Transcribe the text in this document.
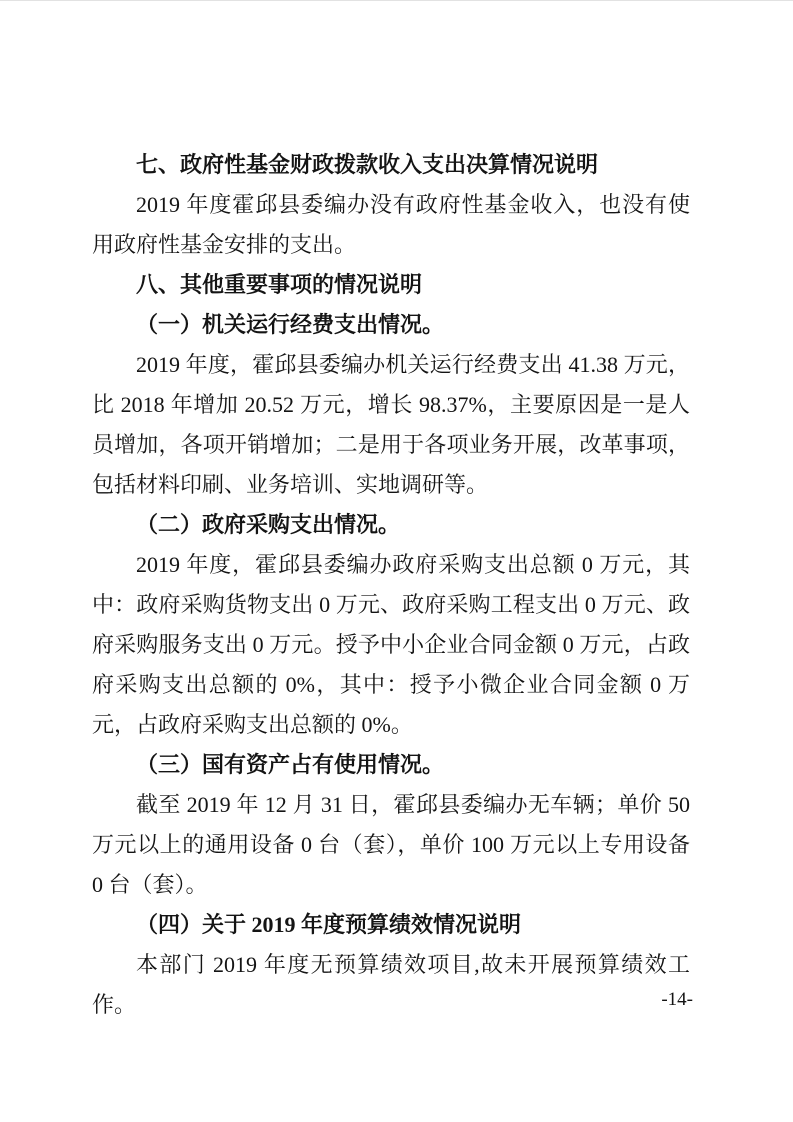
七、政府性基金财政拨款收入支出决算情况说明
2019 年度霍邱县委编办没有政府性基金收入，也没有使用政府性基金安排的支出。
八、其他重要事项的情况说明
（一）机关运行经费支出情况。
2019 年度，霍邱县委编办机关运行经费支出 41.38 万元，比 2018 年增加 20.52 万元，增长 98.37%，主要原因是一是人员增加，各项开销增加；二是用于各项业务开展，改革事项，包括材料印刷、业务培训、实地调研等。
（二）政府采购支出情况。
2019 年度，霍邱县委编办政府采购支出总额 0 万元，其中：政府采购货物支出 0 万元、政府采购工程支出 0 万元、政府采购服务支出 0 万元。授予中小企业合同金额 0 万元，占政府采购支出总额的 0%，其中：授予小微企业合同金额 0 万元，占政府采购支出总额的 0%。
（三）国有资产占有使用情况。
截至 2019 年 12 月 31 日，霍邱县委编办无车辆；单价 50 万元以上的通用设备 0 台（套），单价 100 万元以上专用设备 0 台（套）。
（四）关于 2019 年度预算绩效情况说明
本部门 2019 年度无预算绩效项目,故未开展预算绩效工作。	-14-
